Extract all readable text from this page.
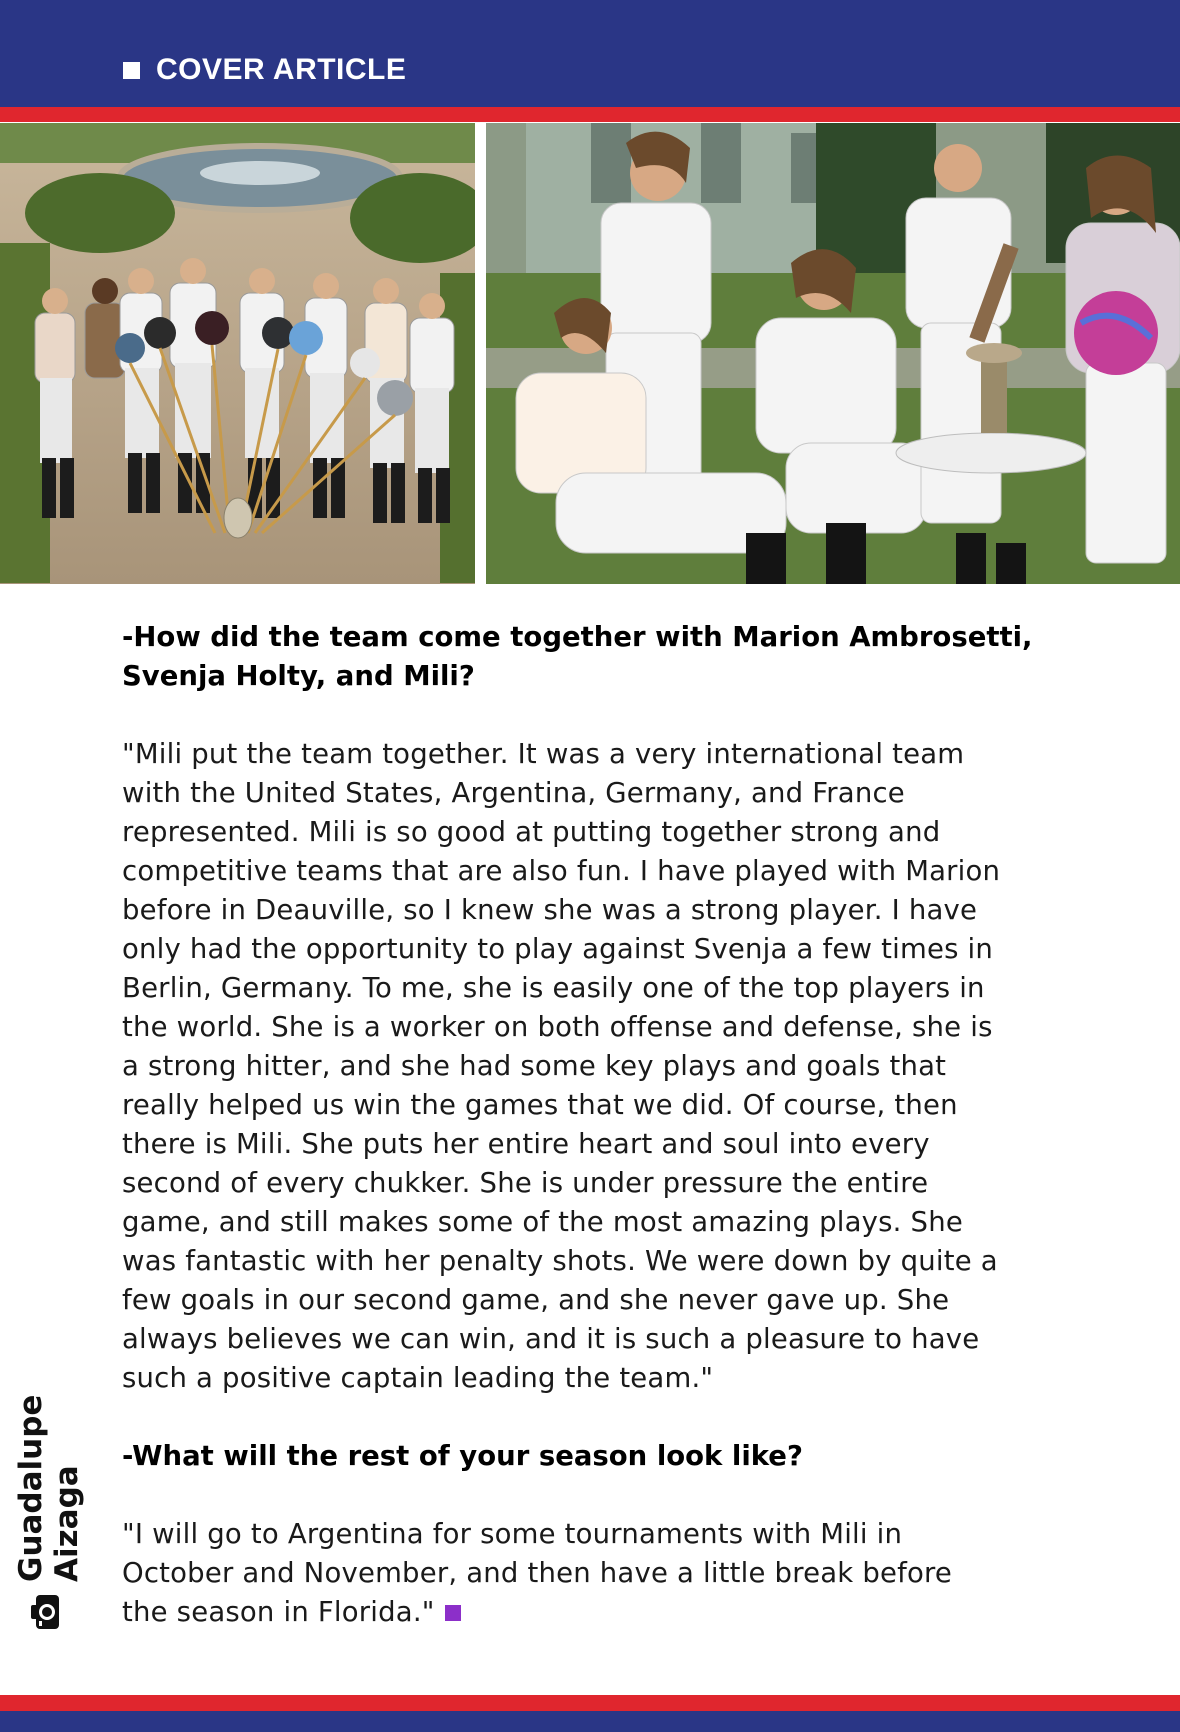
COVER ARTICLE

-How did the team come together with Marion Ambrosetti,
Svenja Holty, and Mili?

"Mili put the team together. It was a very international team
with the United States, Argentina, Germany, and France
represented. Mili is so good at putting together strong and
competitive teams that are also fun. I have played with Marion
before in Deauville, so I knew she was a strong player. I have
only had the opportunity to play against Svenja a few times in
Berlin, Germany. To me, she is easily one of the top players in
the world. She is a worker on both offense and defense, she is
a strong hitter, and she had some key plays and goals that
really helped us win the games that we did. Of course, then
there is Mili. She puts her entire heart and soul into every
second of every chukker. She is under pressure the entire
game, and still makes some of the most amazing plays. She
was fantastic with her penalty shots. We were down by quite a
few goals in our second game, and she never gave up. She
always believes we can win, and it is such a pleasure to have
such a positive captain leading the team."

-What will the rest of your season look like?

"I will go to Argentina for some tournaments with Mili in
October and November, and then have a little break before
the season in Florida."

Guadalupe Aizaga
